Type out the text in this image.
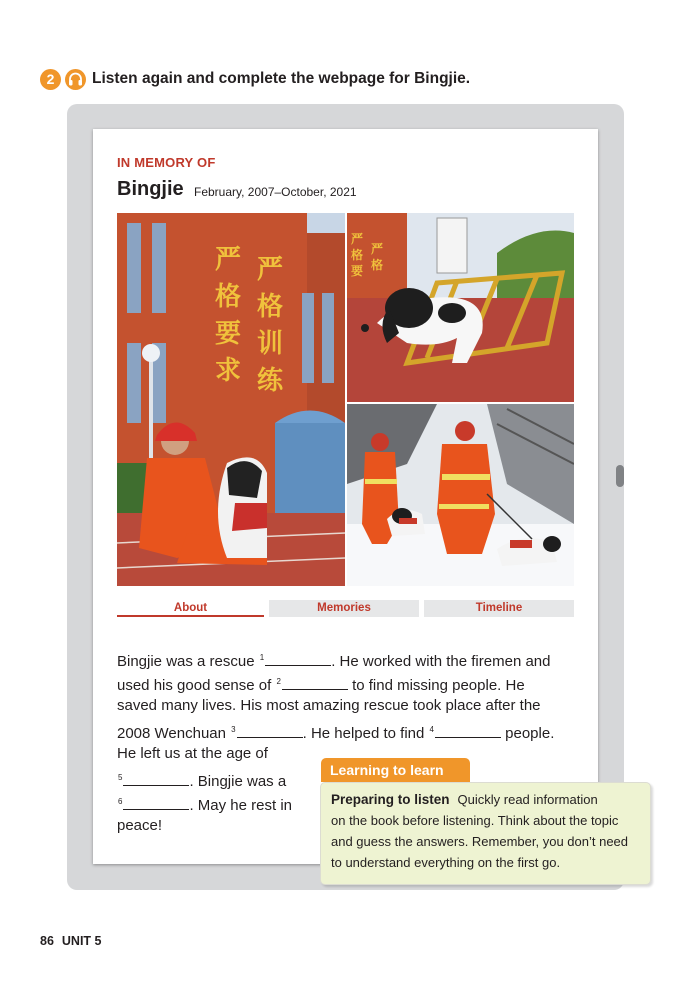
2	Listen again and complete the webpage for Bingjie.
IN MEMORY OF
Bingjie February, 2007–October, 2021
严
格
要
求
严
格
训
练
严
格
要
严
格
About	Memories	Timeline
Bingjie was a rescue $^1$	. He worked with the firemen and
used his good sense of $^2$	to find missing people. He
saved many lives. His most amazing rescue took place after the
2008 Wenchuan $^3$	. He helped to find $^4$	people.
He left us at the age of
$^5$	. Bingjie was a
$^6$	. May he rest in
peace!
Learning to learn
Preparing to listen Quickly read information
on the book before listening. Think about the topic
and guess the answers. Remember, you don’t need
to understand everything on the first go.
86 UNIT 5
